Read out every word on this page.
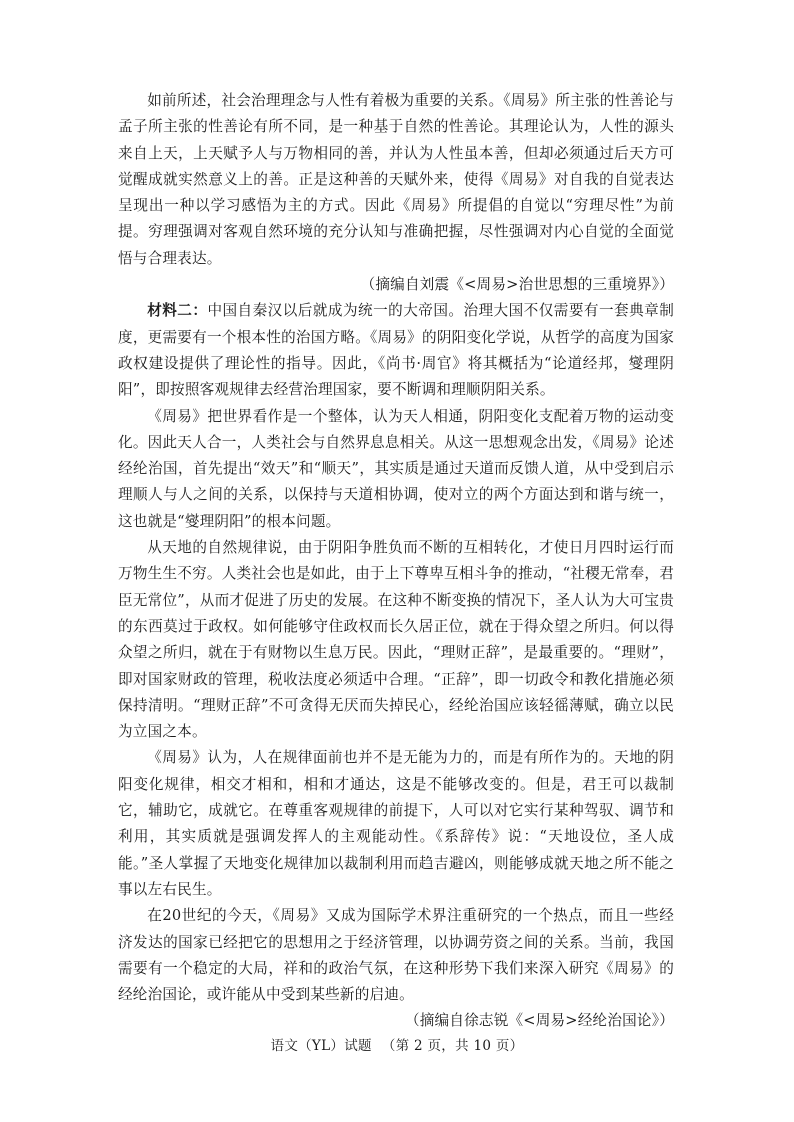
如前所述，社会治理理念与人性有着极为重要的关系。《周易》所主张的性善论与孟子所主张的性善论有所不同，是一种基于自然的性善论。其理论认为，人性的源头来自上天，上天赋予人与万物相同的善，并认为人性虽本善，但却必须通过后天方可觉醒成就实然意义上的善。正是这种善的天赋外来，使得《周易》对自我的自觉表达呈现出一种以学习感悟为主的方式。因此《周易》所提倡的自觉以“穷理尽性”为前提。穷理强调对客观自然环境的充分认知与准确把握，尽性强调对内心自觉的全面觉悟与合理表达。

（摘编自刘震《<周易>治世思想的三重境界》）

材料二：中国自秦汉以后就成为统一的大帝国。治理大国不仅需要有一套典章制度，更需要有一个根本性的治国方略。《周易》的阴阳变化学说，从哲学的高度为国家政权建设提供了理论性的指导。因此，《尚书·周官》将其概括为“论道经邦，燮理阴阳”，即按照客观规律去经营治理国家，要不断调和理顺阴阳关系。

《周易》把世界看作是一个整体，认为天人相通，阴阳变化支配着万物的运动变化。因此天人合一，人类社会与自然界息息相关。从这一思想观念出发，《周易》论述经纶治国，首先提出“效天”和“顺天”，其实质是通过天道而反馈人道，从中受到启示理顺人与人之间的关系，以保持与天道相协调，使对立的两个方面达到和谐与统一，这也就是“燮理阴阳”的根本问题。

从天地的自然规律说，由于阴阳争胜负而不断的互相转化，才使日月四时运行而万物生生不穷。人类社会也是如此，由于上下尊卑互相斗争的推动，“社稷无常奉，君臣无常位”，从而才促进了历史的发展。在这种不断变换的情况下，圣人认为大可宝贵的东西莫过于政权。如何能够守住政权而长久居正位，就在于得众望之所归。何以得众望之所归，就在于有财物以生息万民。因此，“理财正辞”，是最重要的。“理财”，即对国家财政的管理，税收法度必须适中合理。“正辞”，即一切政令和教化措施必须保持清明。“理财正辞”不可贪得无厌而失掉民心，经纶治国应该轻徭薄赋，确立以民为立国之本。

《周易》认为，人在规律面前也并不是无能为力的，而是有所作为的。天地的阴阳变化规律，相交才相和，相和才通达，这是不能够改变的。但是，君王可以裁制它，辅助它，成就它。在尊重客观规律的前提下，人可以对它实行某种驾驭、调节和利用，其实质就是强调发挥人的主观能动性。《系辞传》说：“天地设位，圣人成能。”圣人掌握了天地变化规律加以裁制利用而趋吉避凶，则能够成就天地之所不能之事以左右民生。

在20世纪的今天，《周易》又成为国际学术界注重研究的一个热点，而且一些经济发达的国家已经把它的思想用之于经济管理，以协调劳资之间的关系。当前，我国需要有一个稳定的大局，祥和的政治气氛，在这种形势下我们来深入研究《周易》的经纶治国论，或许能从中受到某些新的启迪。

（摘编自徐志锐《<周易>经纶治国论》）

语文（YL）试题 （第 2 页，共 10 页）
